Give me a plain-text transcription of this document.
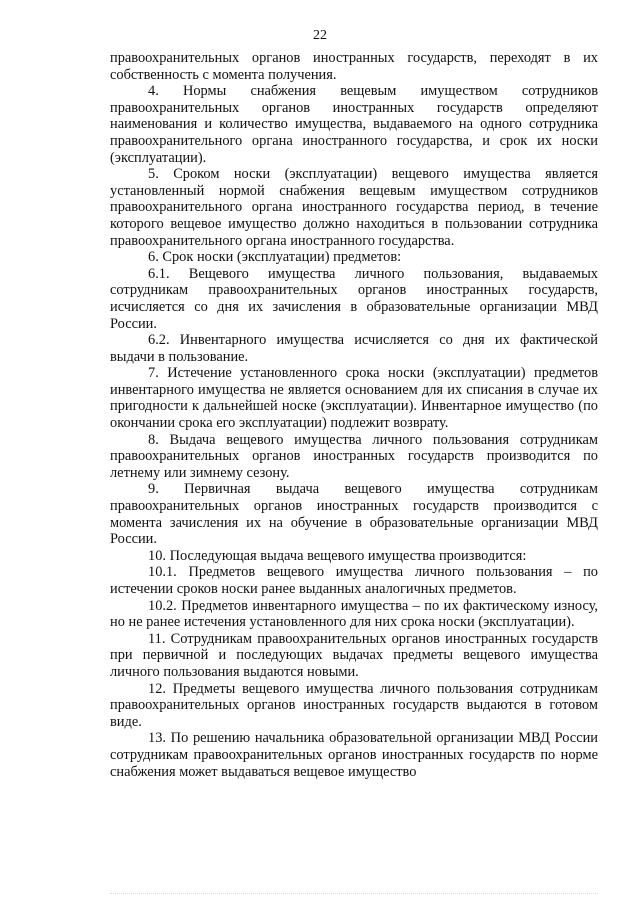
22

правоохранительных органов иностранных государств, переходят в их собственность с момента получения.

4. Нормы снабжения вещевым имуществом сотрудников правоохранительных органов иностранных государств определяют наименования и количество имущества, выдаваемого на одного сотрудника правоохранительного органа иностранного государства, и срок их носки (эксплуатации).

5. Сроком носки (эксплуатации) вещевого имущества является установленный нормой снабжения вещевым имуществом сотрудников правоохранительного органа иностранного государства период, в течение которого вещевое имущество должно находиться в пользовании сотрудника правоохранительного органа иностранного государства.

6. Срок носки (эксплуатации) предметов:

6.1. Вещевого имущества личного пользования, выдаваемых сотрудникам правоохранительных органов иностранных государств, исчисляется со дня их зачисления в образовательные организации МВД России.

6.2. Инвентарного имущества исчисляется со дня их фактической выдачи в пользование.

7. Истечение установленного срока носки (эксплуатации) предметов инвентарного имущества не является основанием для их списания в случае их пригодности к дальнейшей носке (эксплуатации). Инвентарное имущество (по окончании срока его эксплуатации) подлежит возврату.

8. Выдача вещевого имущества личного пользования сотрудникам правоохранительных органов иностранных государств производится по летнему или зимнему сезону.

9. Первичная выдача вещевого имущества сотрудникам правоохранительных органов иностранных государств производится с момента зачисления их на обучение в образовательные организации МВД России.

10. Последующая выдача вещевого имущества производится:

10.1. Предметов вещевого имущества личного пользования – по истечении сроков носки ранее выданных аналогичных предметов.

10.2. Предметов инвентарного имущества – по их фактическому износу, но не ранее истечения установленного для них срока носки (эксплуатации).

11. Сотрудникам правоохранительных органов иностранных государств при первичной и последующих выдачах предметы вещевого имущества личного пользования выдаются новыми.

12. Предметы вещевого имущества личного пользования сотрудникам правоохранительных органов иностранных государств выдаются в готовом виде.

13. По решению начальника образовательной организации МВД России сотрудникам правоохранительных органов иностранных государств по норме снабжения может выдаваться вещевое имущество
